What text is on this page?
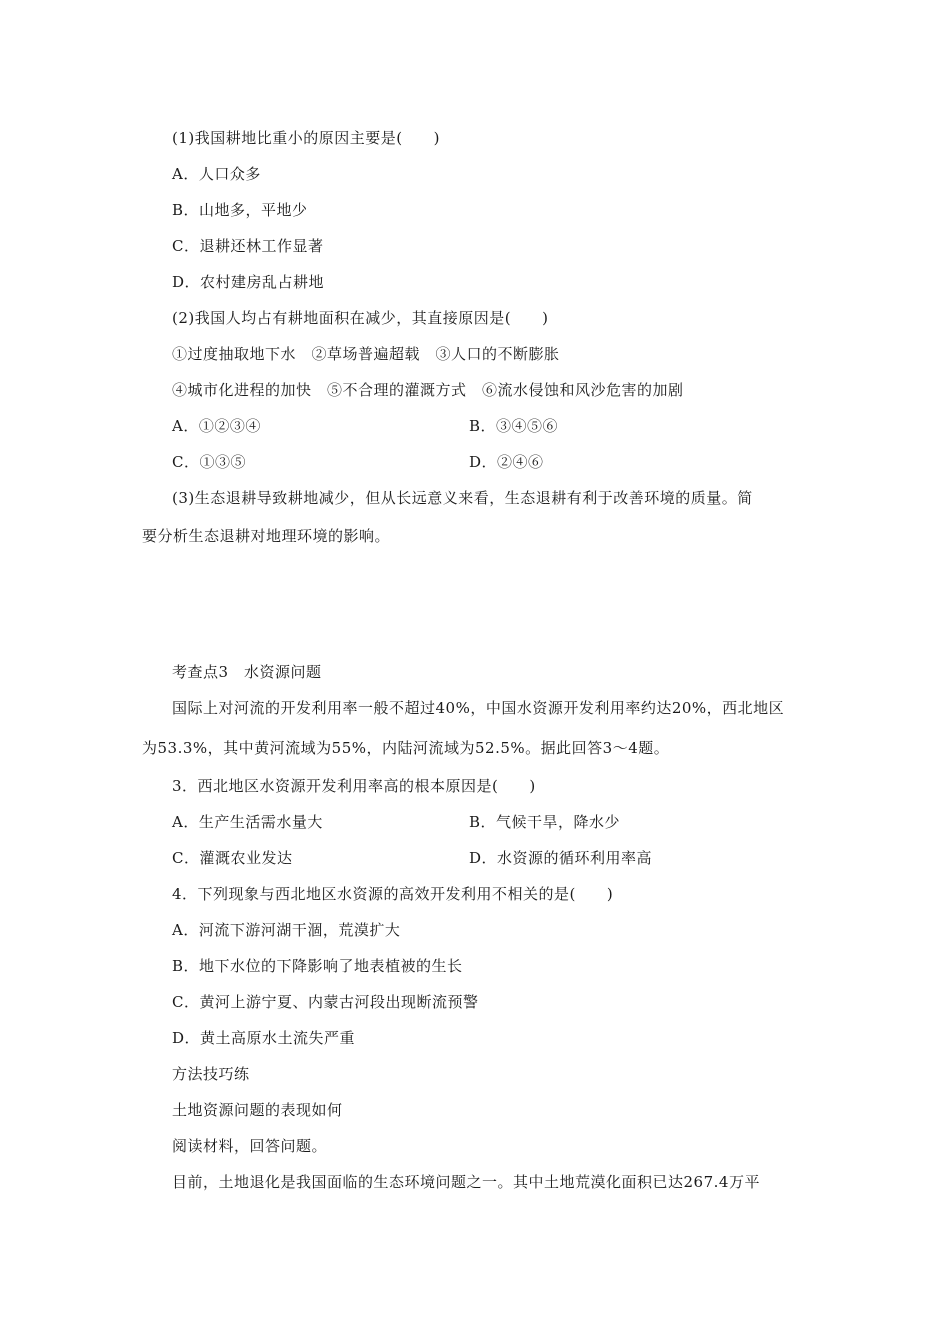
(1)我国耕地比重小的原因主要是(　　)
A．人口众多
B．山地多，平地少
C．退耕还林工作显著
D．农村建房乱占耕地
(2)我国人均占有耕地面积在减少，其直接原因是(　　)
①过度抽取地下水　②草场普遍超载　③人口的不断膨胀
④城市化进程的加快　⑤不合理的灌溉方式　⑥流水侵蚀和风沙危害的加剧
A．①②③④	B．③④⑤⑥
C．①③⑤	D．②④⑥
(3)生态退耕导致耕地减少，但从长远意义来看，生态退耕有利于改善环境的质量。简
要分析生态退耕对地理环境的影响。
考查点3　水资源问题
国际上对河流的开发利用率一般不超过40%，中国水资源开发利用率约达20%，西北地区
为53.3%，其中黄河流域为55%，内陆河流域为52.5%。据此回答3～4题。
3．西北地区水资源开发利用率高的根本原因是(　　)
A．生产生活需水量大	B．气候干旱，降水少
C．灌溉农业发达	D．水资源的循环利用率高
4．下列现象与西北地区水资源的高效开发利用不相关的是(　　)
A．河流下游河湖干涸，荒漠扩大
B．地下水位的下降影响了地表植被的生长
C．黄河上游宁夏、内蒙古河段出现断流预警
D．黄土高原水土流失严重
方法技巧练
土地资源问题的表现如何
阅读材料，回答问题。
目前，土地退化是我国面临的生态环境问题之一。其中土地荒漠化面积已达267.4万平
